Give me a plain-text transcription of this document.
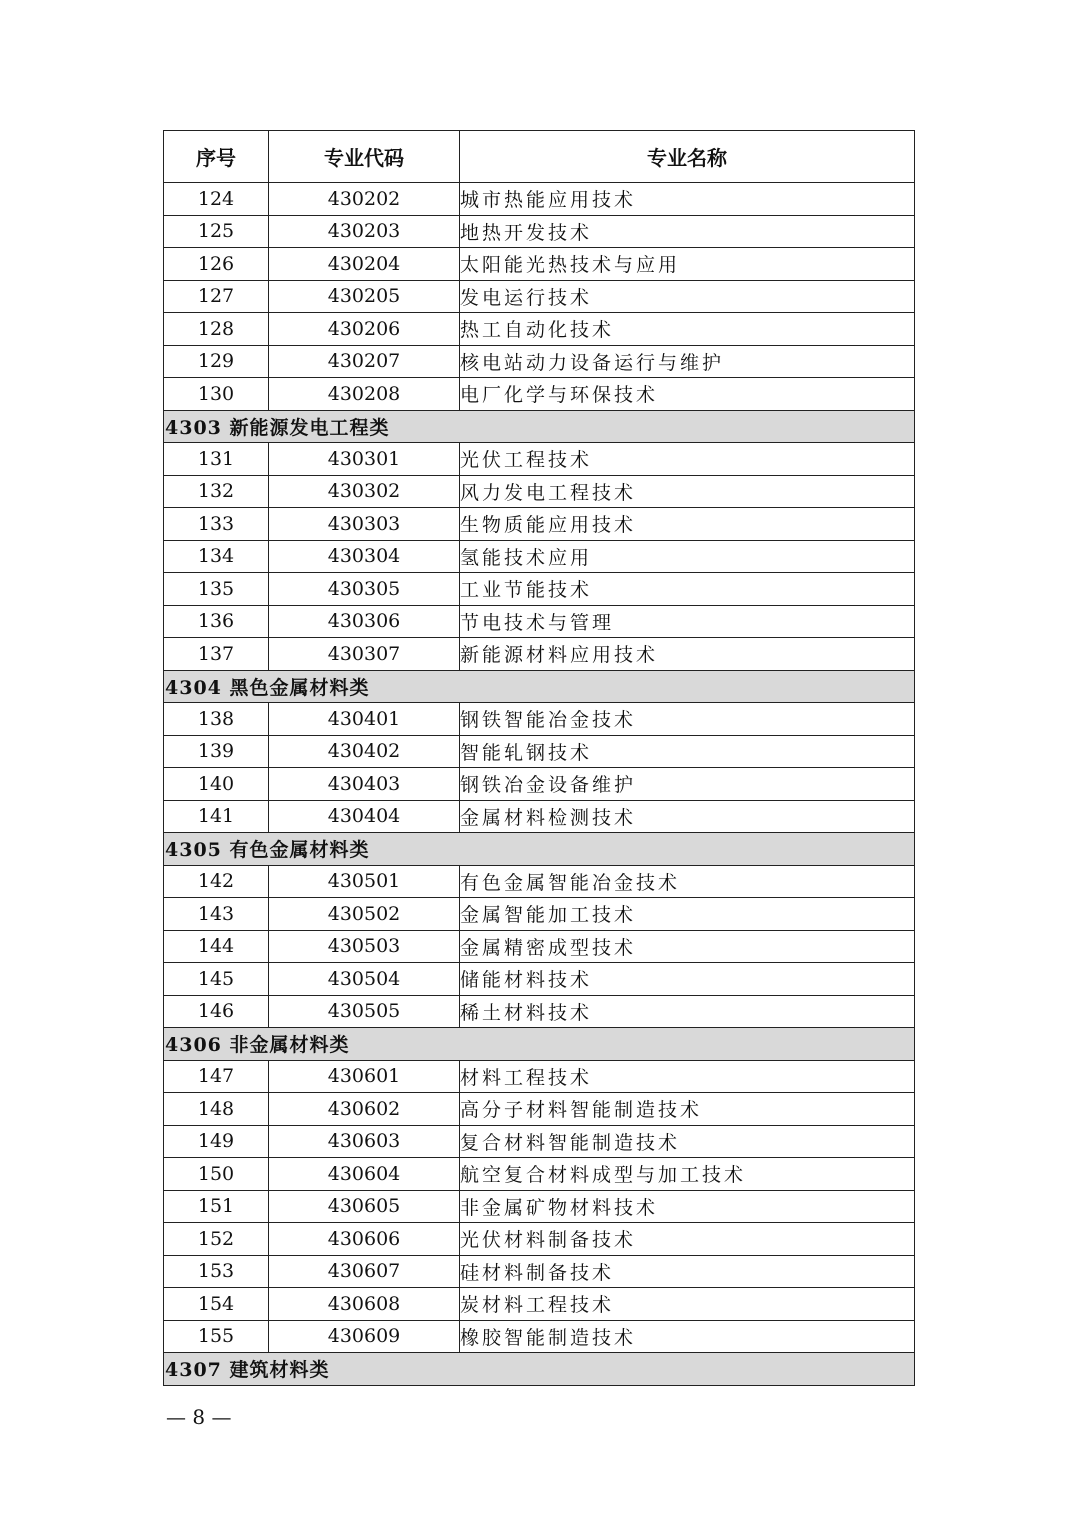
序号	专业代码	专业名称
124	430202	城市热能应用技术
125	430203	地热开发技术
126	430204	太阳能光热技术与应用
127	430205	发电运行技术
128	430206	热工自动化技术
129	430207	核电站动力设备运行与维护
130	430208	电厂化学与环保技术
4303 新能源发电工程类		
131	430301	光伏工程技术
132	430302	风力发电工程技术
133	430303	生物质能应用技术
134	430304	氢能技术应用
135	430305	工业节能技术
136	430306	节电技术与管理
137	430307	新能源材料应用技术
4304 黑色金属材料类		
138	430401	钢铁智能冶金技术
139	430402	智能轧钢技术
140	430403	钢铁冶金设备维护
141	430404	金属材料检测技术
4305 有色金属材料类		
142	430501	有色金属智能冶金技术
143	430502	金属智能加工技术
144	430503	金属精密成型技术
145	430504	储能材料技术
146	430505	稀土材料技术
4306 非金属材料类		
147	430601	材料工程技术
148	430602	高分子材料智能制造技术
149	430603	复合材料智能制造技术
150	430604	航空复合材料成型与加工技术
151	430605	非金属矿物材料技术
152	430606	光伏材料制备技术
153	430607	硅材料制备技术
154	430608	炭材料工程技术
155	430609	橡胶智能制造技术
4307 建筑材料类		
— 8 —
